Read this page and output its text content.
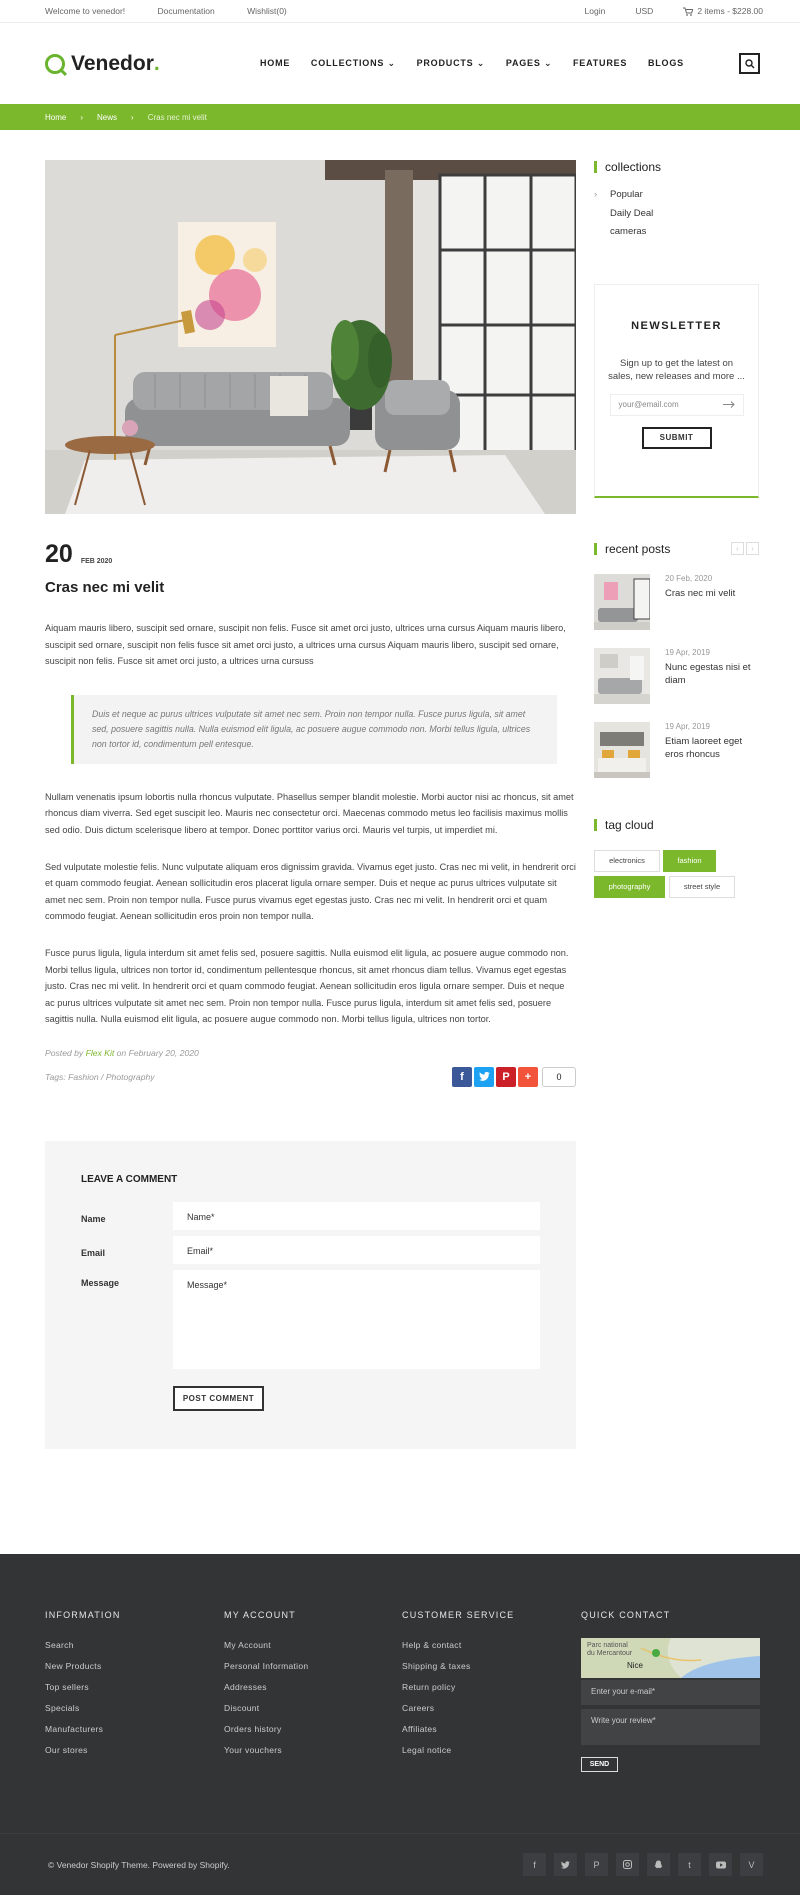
Welcome to venedor!	Documentation	Wishlist(0)	Login	USD	2 items - $228.00
Venedor .	HOME COLLECTIONS ⌄ PRODUCTS ⌄ PAGES ⌄ FEATURES BLOGS
Home › News › Cras nec mi velit
20 FEB 2020
Cras nec mi velit
Aiquam mauris libero, suscipit sed ornare, suscipit non felis. Fusce sit amet orci justo, ultrices urna cursus Aiquam mauris libero, suscipit sed ornare, suscipit non felis fusce sit amet orci justo, a ultrices urna cursus Aiquam mauris libero, suscipit sed ornare, suscipit non felis. Fusce sit amet orci justo, a ultrices urna cursuss
Duis et neque ac purus ultrices vulputate sit amet nec sem. Proin non tempor nulla. Fusce purus ligula, sit amet sed, posuere sagittis nulla. Nulla euismod elit ligula, ac posuere augue commodo non. Morbi tellus ligula, ultrices non tortor id, condimentum pell entesque.
Nullam venenatis ipsum lobortis nulla rhoncus vulputate. Phasellus semper blandit molestie. Morbi auctor nisi ac rhoncus, sit amet rhoncus diam viverra. Sed eget suscipit leo. Mauris nec consectetur orci. Maecenas commodo metus leo facilisis maximus mollis sed odio. Duis dictum scelerisque libero at tempor. Donec porttitor varius orci. Mauris vel turpis, ut imperdiet mi.
Sed vulputate molestie felis. Nunc vulputate aliquam eros dignissim gravida. Vivamus eget justo. Cras nec mi velit, in hendrerit orci et quam commodo feugiat. Aenean sollicitudin eros placerat ligula ornare semper. Duis et neque ac purus ultrices vulputate sit amet nec sem. Proin non tempor nulla. Fusce purus vivamus eget egestas justo. Cras nec mi velit. In hendrerit orci et quam commodo feugiat. Aenean sollicitudin eros proin non tempor nulla.
Fusce purus ligula, ligula interdum sit amet felis sed, posuere sagittis. Nulla euismod elit ligula, ac posuere augue commodo non. Morbi tellus ligula, ultrices non tortor id, condimentum pellentesque rhoncus, sit amet rhoncus diam tellus. Vivamus eget egestas justo. Cras nec mi velit. In hendrerit orci et quam commodo feugiat. Aenean sollicitudin eros ligula ornare semper. Duis et neque ac purus ultrices vulputate sit amet nec sem. Proin non tempor nulla. Fusce purus ligula, interdum sit amet felis sed, posuere sagittis nulla. Nulla euismod elit ligula, ac posuere augue commodo non. Morbi tellus ligula, ultrices non tortor.
Posted by Flex Kit on February 20, 2020
Tags: Fashion / Photography	f	P	+	0
LEAVE A COMMENT
Name	Name*
Email	Email*
Message	Message*
POST COMMENT
collections
› Popular
Daily Deal
cameras
NEWSLETTER

Sign up to get the latest on sales, new releases and more ...

your@email.com
SUBMIT
recent posts	‹	›
20 Feb, 2020
Cras nec mi velit
19 Apr, 2019
Nunc egestas nisi et diam
19 Apr, 2019
Etiam laoreet eget eros rhoncus
tag cloud
electronics	fashion
photography	street style
INFORMATION
Search
New Products
Top sellers
Specials
Manufacturers
Our stores
MY ACCOUNT
My Account
Personal Information
Addresses
Discount
Orders history
Your vouchers
CUSTOMER SERVICE
Help & contact
Shipping & taxes
Return policy
Careers
Affiliates
Legal notice
QUICK CONTACT
Parc national
du Mercantour
Nice
Enter your e-mail*
Write your review*
SEND
© Venedor Shopify Theme. Powered by Shopify.	f	P	t	V
